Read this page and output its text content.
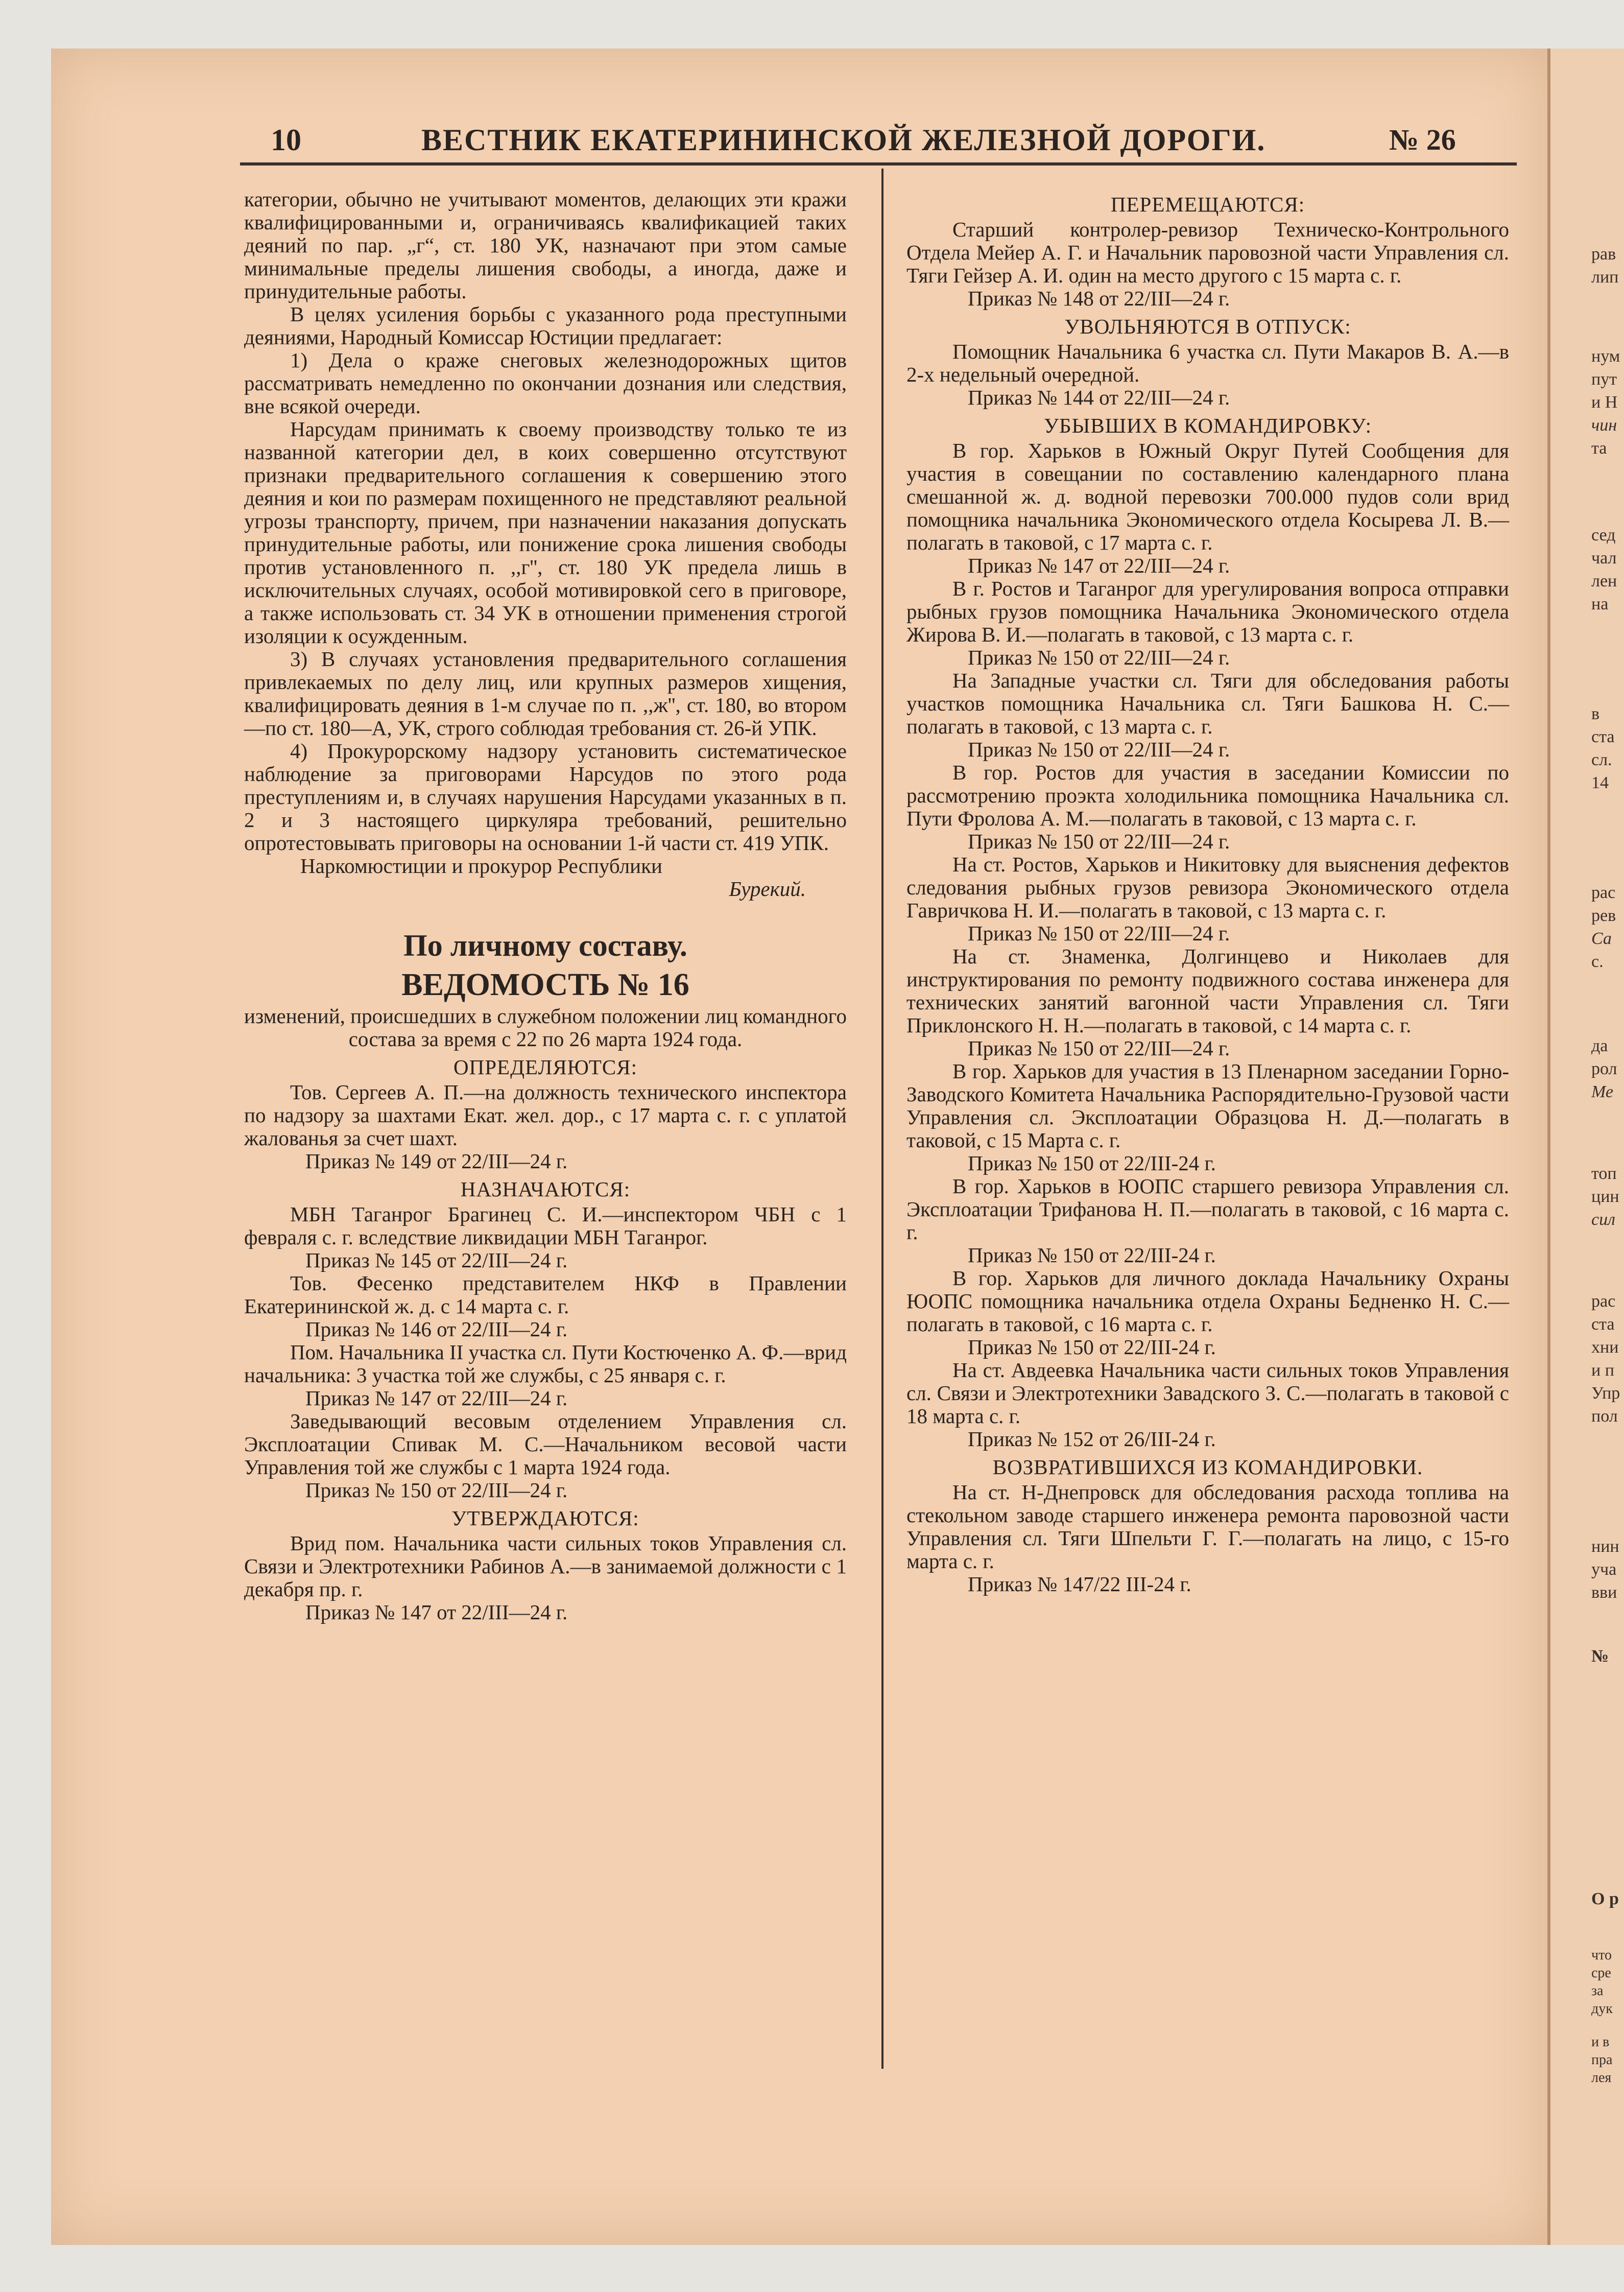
рав
лип
нум
пут
и Н
чин
та
сед
чал
лен
на
в
ста
сл.
14
рас
рев
Са
с.
да
рол
Ме
топ
цин
сил
рас
ста
хни
и п
Упр
пол
нин
уча
вви
№
О р
что
сре
за
дук
и в
пра
лея
10	ВЕСТНИК ЕКАТЕРИНИНСКОЙ ЖЕЛЕЗНОЙ ДОРОГИ.	№ 26

категории, обычно не учитывают моментов, делающих эти кражи квалифицированными и, ограничиваясь квалификацией таких деяний по пар. „г“, ст. 180 УК, назначают при этом самые минимальные пределы лишения свободы, а иногда, даже и принудительные работы.

В целях усиления борьбы с указанного рода преступными деяниями, Народный Комиссар Юстиции предлагает:

1) Дела о краже снеговых железнодорожных щитов рассматривать немедленно по окончании дознания или следствия, вне всякой очереди.

Нарсудам принимать к своему производству только те из названной категории дел, в коих совершенно отсутствуют признаки предварительного соглашения к совершению этого деяния и кои по размерам похищенного не представляют реальной угрозы транспорту, причем, при назначении наказания допускать принудительные работы, или понижение срока лишения свободы против установленного п. ,,г'', ст. 180 УК предела лишь в исключительных случаях, особой мотивировкой сего в приговоре, а также использовать ст. 34 УК в отношении применения строгой изоляции к осужденным.

3) В случаях установления предварительного соглашения привлекаемых по делу лиц, или крупных размеров хищения, квалифицировать деяния в 1-м случае по п. ,,ж'', ст. 180, во втором—по ст. 180—А, УК, строго соблюдая требования ст. 26-й УПК.

4) Прокурорскому надзору установить систематическое наблюдение за приговорами Нарсудов по этого рода преступлениям и, в случаях нарушения Нарсудами указанных в п. 2 и 3 настоящего циркуляра требований, решительно опротестовывать приговоры на основании 1-й части ст. 419 УПК.

Наркомюстиции и прокурор Республики

Бурекий.

По личному составу.

ВЕДОМОСТЬ № 16

изменений, происшедших в служебном положении лиц командного состава за время с 22 по 26 марта 1924 года.

ОПРЕДЕЛЯЮТСЯ:

Тов. Сергеев А. П.—на должность технического инспектора по надзору за шахтами Екат. жел. дор., с 17 марта с. г. с уплатой жалованья за счет шахт.

Приказ № 149 от 22/III—24 г.

НАЗНАЧАЮТСЯ:

МБН Таганрог Брагинец С. И.—инспектором ЧБН с 1 февраля с. г. вследствие ликвидации МБН Таганрог.

Приказ № 145 от 22/III—24 г.

Тов. Фесенко представителем НКФ в Правлении Екатерининской ж. д. с 14 марта с. г.

Приказ № 146 от 22/III—24 г.

Пом. Начальника II участка сл. Пути Костюченко А. Ф.—врид начальника: 3 участка той же службы, с 25 января с. г.

Приказ № 147 от 22/III—24 г.

Заведывающий весовым отделением Управления сл. Эксплоатации Спивак М. С.—Начальником весовой части Управления той же службы с 1 марта 1924 года.

Приказ № 150 от 22/III—24 г.

УТВЕРЖДАЮТСЯ:

Врид пом. Начальника части сильных токов Управления сл. Связи и Электротехники Рабинов А.—в занимаемой должности с 1 декабря пр. г.

Приказ № 147 от 22/III—24 г.

ПЕРЕМЕЩАЮТСЯ:

Старший контролер-ревизор Техническо-Контрольного Отдела Мейер А. Г. и Начальник паровозной части Управления сл. Тяги Гейзер А. И. один на место другого с 15 марта с. г.

Приказ № 148 от 22/III—24 г.

УВОЛЬНЯЮТСЯ В ОТПУСК:

Помощник Начальника 6 участка сл. Пути Макаров В. А.—в 2-х недельный очередной.

Приказ № 144 от 22/III—24 г.

УБЫВШИХ В КОМАНДИРОВКУ:

В гор. Харьков в Южный Округ Путей Сообщения для участия в совещании по составлению календарного плана смешанной ж. д. водной перевозки 700.000 пудов соли врид помощника начальника Экономического отдела Косырева Л. В.—полагать в таковой, с 17 марта с. г.

Приказ № 147 от 22/III—24 г.

В г. Ростов и Таганрог для урегулирования вопроса отправки рыбных грузов помощника Начальника Экономического отдела Жирова В. И.—полагать в таковой, с 13 марта с. г.

Приказ № 150 от 22/III—24 г.

На Западные участки сл. Тяги для обследования работы участков помощника Начальника сл. Тяги Башкова Н. С.—полагать в таковой, с 13 марта с. г.

Приказ № 150 от 22/III—24 г.

В гор. Ростов для участия в заседании Комиссии по рассмотрению проэкта холодильника помощника Начальника сл. Пути Фролова А. М.—полагать в таковой, с 13 марта с. г.

Приказ № 150 от 22/III—24 г.

На ст. Ростов, Харьков и Никитовку для выяснения дефектов следования рыбных грузов ревизора Экономического отдела Гавричкова Н. И.—полагать в таковой, с 13 марта с. г.

Приказ № 150 от 22/III—24 г.

На ст. Знаменка, Долгинцево и Николаев для инструктирования по ремонту подвижного состава инженера для технических занятий вагонной части Управления сл. Тяги Приклонского Н. Н.—полагать в таковой, с 14 марта с. г.

Приказ № 150 от 22/III—24 г.

В гор. Харьков для участия в 13 Пленарном заседании Горно-Заводского Комитета Начальника Распорядительно-Грузовой части Управления сл. Эксплоатации Образцова Н. Д.—полагать в таковой, с 15 Марта с. г.

Приказ № 150 от 22/III-24 г.

В гор. Харьков в ЮОПС старшего ревизора Управления сл. Эксплоатации Трифанова Н. П.—полагать в таковой, с 16 марта с. г.

Приказ № 150 от 22/III-24 г.

В гор. Харьков для личного доклада Начальнику Охраны ЮОПС помощника начальника отдела Охраны Бедненко Н. С.—полагать в таковой, с 16 марта с. г.

Приказ № 150 от 22/III-24 г.

На ст. Авдеевка Начальника части сильных токов Управления сл. Связи и Электротехники Завадского З. С.—полагать в таковой с 18 марта с. г.

Приказ № 152 от 26/III-24 г.

ВОЗВРАТИВШИХСЯ ИЗ КОМАНДИРОВКИ.

На ст. Н-Днепровск для обследования расхода топлива на стекольном заводе старшего инженера ремонта паровозной части Управления сл. Тяги Шпельти Г. Г.—полагать на лицо, с 15-го марта с. г.

Приказ № 147/22 III-24 г.
